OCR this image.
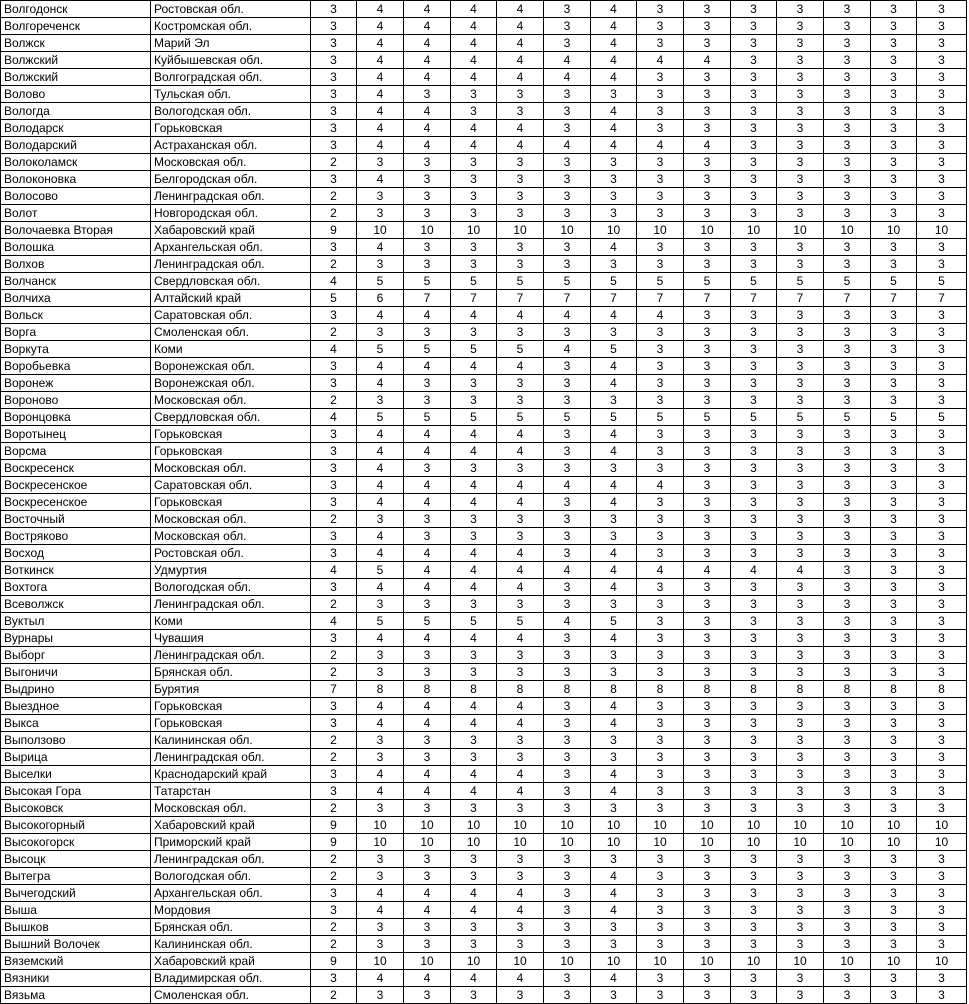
Волгодонск	Ростовская обл.	3	4	4	4	4	3	4	3	3	3	3	3	3	3
Волгореченск	Костромская обл.	3	4	4	4	4	3	4	3	3	3	3	3	3	3
Волжск	Марий Эл	3	4	4	4	4	3	4	3	3	3	3	3	3	3
Волжский	Куйбышевская обл.	3	4	4	4	4	4	4	4	4	3	3	3	3	3
Волжский	Волгоградская обл.	3	4	4	4	4	4	4	3	3	3	3	3	3	3
Волово	Тульская обл.	3	4	3	3	3	3	3	3	3	3	3	3	3	3
Вологда	Вологодская обл.	3	4	4	3	3	3	4	3	3	3	3	3	3	3
Володарск	Горьковская	3	4	4	4	4	3	4	3	3	3	3	3	3	3
Володарский	Астраханская обл.	3	4	4	4	4	4	4	4	4	3	3	3	3	3
Волоколамск	Московская обл.	2	3	3	3	3	3	3	3	3	3	3	3	3	3
Волоконовка	Белгородская обл.	3	4	3	3	3	3	3	3	3	3	3	3	3	3
Волосово	Ленинградская обл.	2	3	3	3	3	3	3	3	3	3	3	3	3	3
Волот	Новгородская обл.	2	3	3	3	3	3	3	3	3	3	3	3	3	3
Волочаевка Вторая	Хабаровский край	9	10	10	10	10	10	10	10	10	10	10	10	10	10
Волошка	Архангельская обл.	3	4	3	3	3	3	4	3	3	3	3	3	3	3
Волхов	Ленинградская обл.	2	3	3	3	3	3	3	3	3	3	3	3	3	3
Волчанск	Свердловская обл.	4	5	5	5	5	5	5	5	5	5	5	5	5	5
Волчиха	Алтайский край	5	6	7	7	7	7	7	7	7	7	7	7	7	7
Вольск	Саратовская обл.	3	4	4	4	4	4	4	4	3	3	3	3	3	3
Ворга	Смоленская обл.	2	3	3	3	3	3	3	3	3	3	3	3	3	3
Воркута	Коми	4	5	5	5	5	4	5	3	3	3	3	3	3	3
Воробьевка	Воронежская обл.	3	4	4	4	4	3	4	3	3	3	3	3	3	3
Воронеж	Воронежская обл.	3	4	3	3	3	3	4	3	3	3	3	3	3	3
Вороново	Московская обл.	2	3	3	3	3	3	3	3	3	3	3	3	3	3
Воронцовка	Свердловская обл.	4	5	5	5	5	5	5	5	5	5	5	5	5	5
Воротынец	Горьковская	3	4	4	4	4	3	4	3	3	3	3	3	3	3
Ворсма	Горьковская	3	4	4	4	4	3	4	3	3	3	3	3	3	3
Воскресенск	Московская обл.	3	4	3	3	3	3	3	3	3	3	3	3	3	3
Воскресенское	Саратовская обл.	3	4	4	4	4	4	4	4	3	3	3	3	3	3
Воскресенское	Горьковская	3	4	4	4	4	3	4	3	3	3	3	3	3	3
Восточный	Московская обл.	2	3	3	3	3	3	3	3	3	3	3	3	3	3
Востряково	Московская обл.	3	4	3	3	3	3	3	3	3	3	3	3	3	3
Восход	Ростовская обл.	3	4	4	4	4	3	4	3	3	3	3	3	3	3
Воткинск	Удмуртия	4	5	4	4	4	4	4	4	4	4	4	3	3	3
Вохтога	Вологодская обл.	3	4	4	4	4	3	4	3	3	3	3	3	3	3
Всеволжск	Ленинградская обл.	2	3	3	3	3	3	3	3	3	3	3	3	3	3
Вуктыл	Коми	4	5	5	5	5	4	5	3	3	3	3	3	3	3
Вурнары	Чувашия	3	4	4	4	4	3	4	3	3	3	3	3	3	3
Выборг	Ленинградская обл.	2	3	3	3	3	3	3	3	3	3	3	3	3	3
Выгоничи	Брянская обл.	2	3	3	3	3	3	3	3	3	3	3	3	3	3
Выдрино	Бурятия	7	8	8	8	8	8	8	8	8	8	8	8	8	8
Выездное	Горьковская	3	4	4	4	4	3	4	3	3	3	3	3	3	3
Выкса	Горьковская	3	4	4	4	4	3	4	3	3	3	3	3	3	3
Выползово	Калининская обл.	2	3	3	3	3	3	3	3	3	3	3	3	3	3
Вырица	Ленинградская обл.	2	3	3	3	3	3	3	3	3	3	3	3	3	3
Выселки	Краснодарский край	3	4	4	4	4	3	4	3	3	3	3	3	3	3
Высокая Гора	Татарстан	3	4	4	4	4	3	4	3	3	3	3	3	3	3
Высоковск	Московская обл.	2	3	3	3	3	3	3	3	3	3	3	3	3	3
Высокогорный	Хабаровский край	9	10	10	10	10	10	10	10	10	10	10	10	10	10
Высокогорск	Приморский край	9	10	10	10	10	10	10	10	10	10	10	10	10	10
Высоцк	Ленинградская обл.	2	3	3	3	3	3	3	3	3	3	3	3	3	3
Вытегра	Вологодская обл.	2	3	3	3	3	3	4	3	3	3	3	3	3	3
Вычегодский	Архангельская обл.	3	4	4	4	4	3	4	3	3	3	3	3	3	3
Выша	Мордовия	3	4	4	4	4	3	4	3	3	3	3	3	3	3
Вышков	Брянская обл.	2	3	3	3	3	3	3	3	3	3	3	3	3	3
Вышний Волочек	Калининская обл.	2	3	3	3	3	3	3	3	3	3	3	3	3	3
Вяземский	Хабаровский край	9	10	10	10	10	10	10	10	10	10	10	10	10	10
Вязники	Владимирская обл.	3	4	4	4	4	3	4	3	3	3	3	3	3	3
Вязьма	Смоленская обл.	2	3	3	3	3	3	3	3	3	3	3	3	3	3
